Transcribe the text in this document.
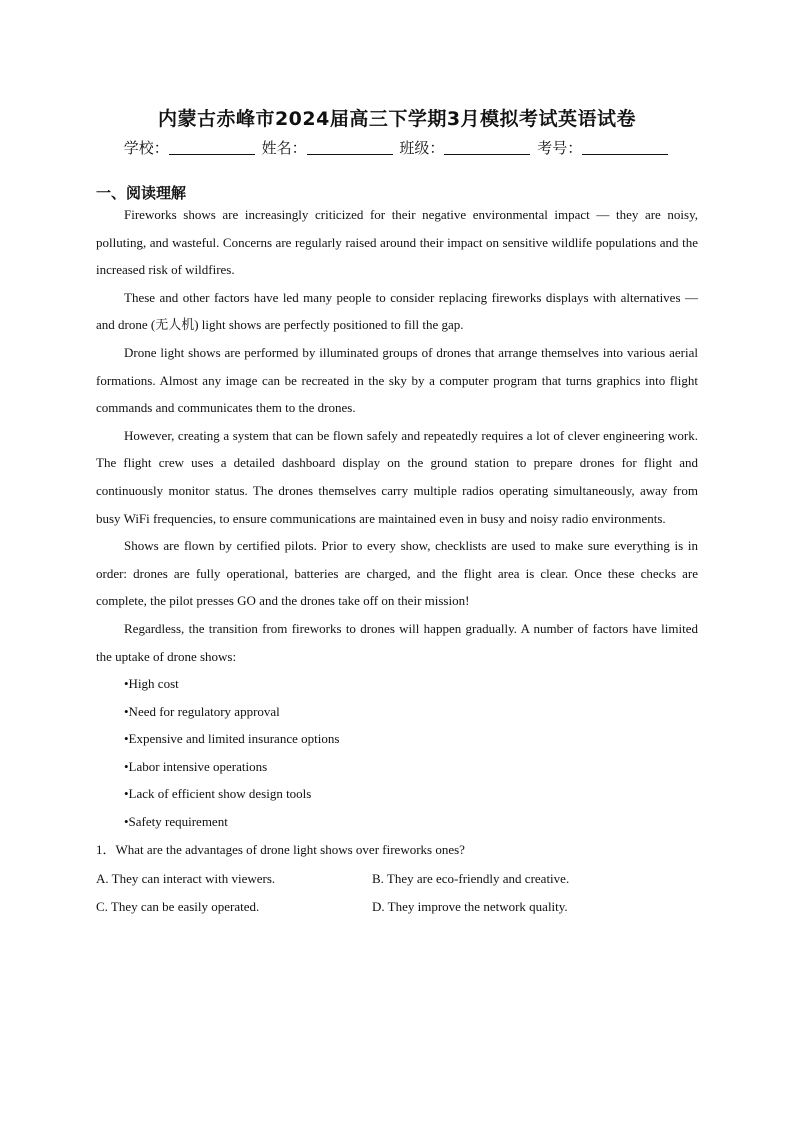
内蒙古赤峰市2024届高三下学期3月模拟考试英语试卷
学校：	姓名：	班级：	考号：
一、阅读理解

Fireworks shows are increasingly criticized for their negative environmental impact — they are noisy, polluting, and wasteful. Concerns are regularly raised around their impact on sensitive wildlife populations and the increased risk of wildfires.

These and other factors have led many people to consider replacing fireworks displays with alternatives —and drone (无人机) light shows are perfectly positioned to fill the gap.

Drone light shows are performed by illuminated groups of drones that arrange themselves into various aerial formations. Almost any image can be recreated in the sky by a computer program that turns graphics into flight commands and communicates them to the drones.

However, creating a system that can be flown safely and repeatedly requires a lot of clever engineering work. The flight crew uses a detailed dashboard display on the ground station to prepare drones for flight and continuously monitor status. The drones themselves carry multiple radios operating simultaneously, away from busy WiFi frequencies, to ensure communications are maintained even in busy and noisy radio environments.

Shows are flown by certified pilots. Prior to every show, checklists are used to make sure everything is in order: drones are fully operational, batteries are charged, and the flight area is clear. Once these checks are complete, the pilot presses GO and the drones take off on their mission!

Regardless, the transition from fireworks to drones will happen gradually. A number of factors have limited the uptake of drone shows:

•High cost
•Need for regulatory approval
•Expensive and limited insurance options
•Labor intensive operations
•Lack of efficient show design tools
•Safety requirement

1．What are the advantages of drone light shows over fireworks ones?

A. They can interact with viewers.	B. They are eco-friendly and creative.
C. They can be easily operated.	D. They improve the network quality.
